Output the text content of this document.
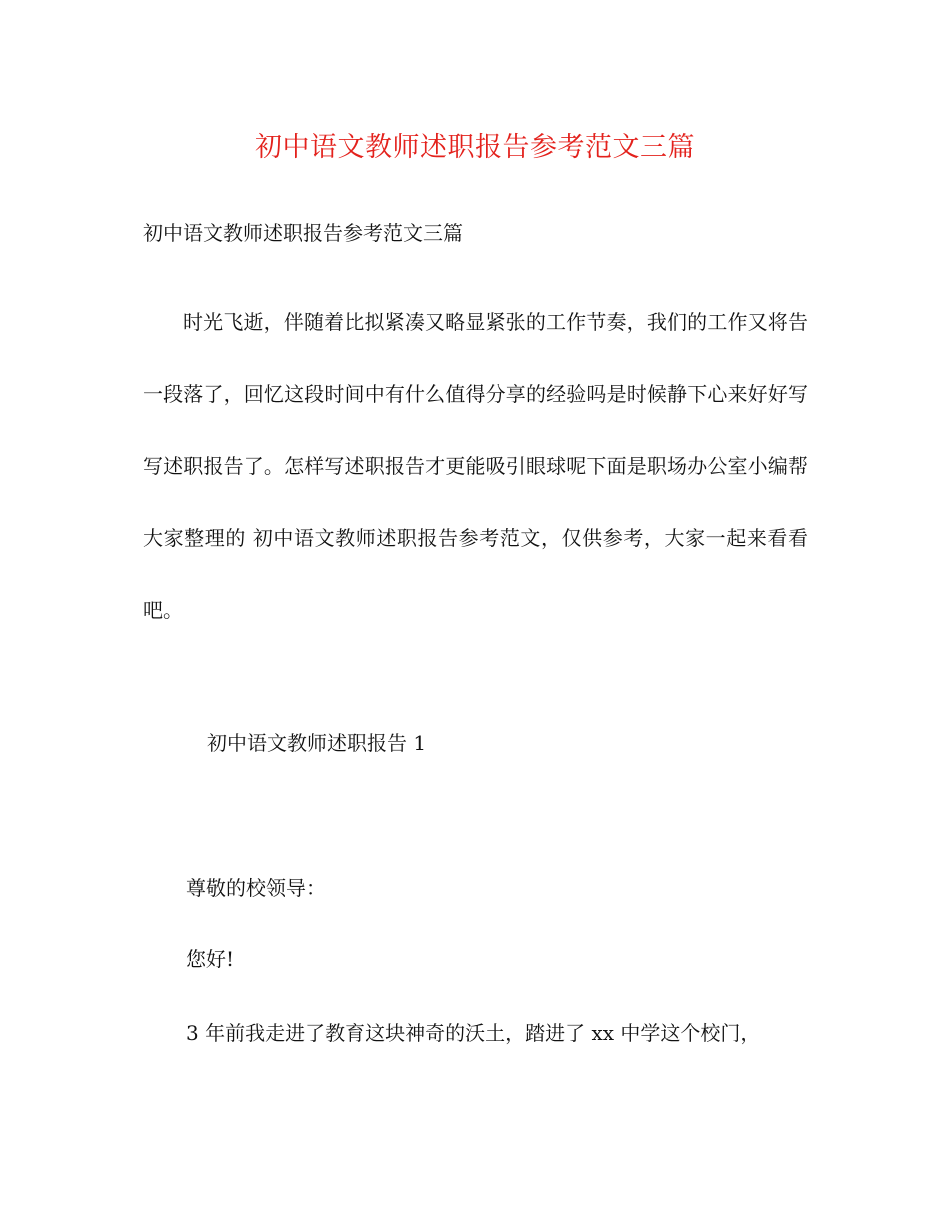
初中语文教师述职报告参考范文三篇
初中语文教师述职报告参考范文三篇

时光飞逝，伴随着比拟紧凑又略显紧张的工作节奏，我们的工作又将告一段落了，回忆这段时间中有什么值得分享的经验吗是时候静下心来好好写写述职报告了。怎样写述职报告才更能吸引眼球呢下面是职场办公室小编帮大家整理的 初中语文教师述职报告参考范文，仅供参考，大家一起来看看吧。

初中语文教师述职报告 1

尊敬的校领导：

您好!

3 年前我走进了教育这块神奇的沃土，踏进了 xx 中学这个校门，
